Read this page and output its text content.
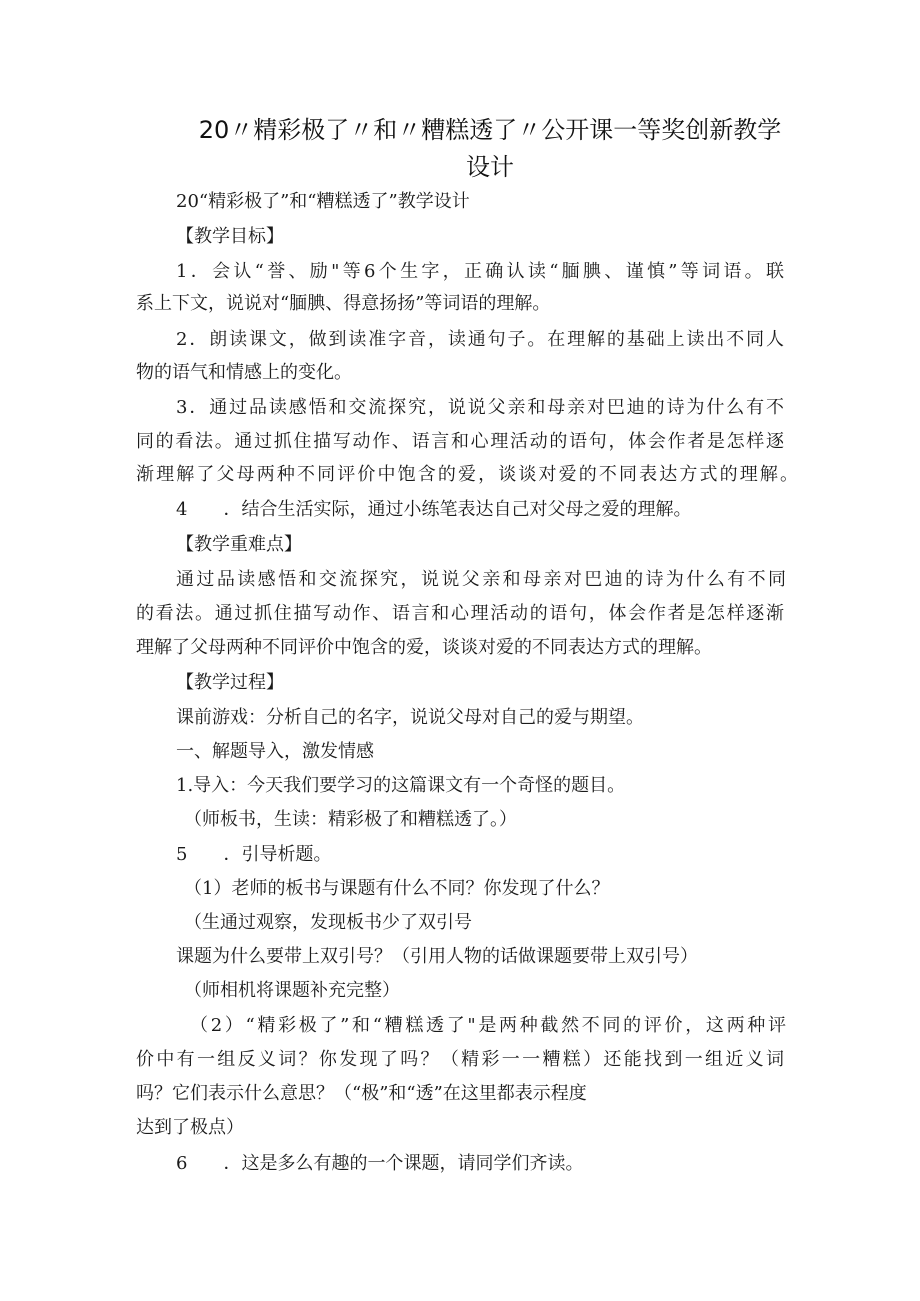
20〃精彩极了〃和〃糟糕透了〃公开课一等奖创新教学
设计
20“精彩极了”和“糟糕透了”教学设计
【教学目标】
1．会认“誉、励"等6个生字，正确认读“腼腆、谨慎”等词语。联
系上下文，说说对“腼腆、得意扬扬”等词语的理解。
2．朗读课文，做到读准字音，读通句子。在理解的基础上读出不同人
物的语气和情感上的变化。
3．通过品读感悟和交流探究，说说父亲和母亲对巴迪的诗为什么有不
同的看法。通过抓住描写动作、语言和心理活动的语句，体会作者是怎样逐
渐理解了父母两种不同评价中饱含的爱，谈谈对爱的不同表达方式的理解。
4　　．结合生活实际，通过小练笔表达自己对父母之爱的理解。
【教学重难点】
通过品读感悟和交流探究，说说父亲和母亲对巴迪的诗为什么有不同
的看法。通过抓住描写动作、语言和心理活动的语句，体会作者是怎样逐渐
理解了父母两种不同评价中饱含的爱，谈谈对爱的不同表达方式的理解。
【教学过程】
课前游戏：分析自己的名字，说说父母对自己的爱与期望。
一、解题导入，激发情感
1.导入：今天我们要学习的这篇课文有一个奇怪的题目。
（师板书，生读：精彩极了和糟糕透了。）
5　　．引导析题。
（1）老师的板书与课题有什么不同？你发现了什么？
（生通过观察，发现板书少了双引号
课题为什么要带上双引号？（引用人物的话做课题要带上双引号）
（师相机将课题补充完整）
（2）“精彩极了”和“糟糕透了"是两种截然不同的评价，这两种评
价中有一组反义词？你发现了吗？（精彩一一糟糕）还能找到一组近义词
吗？它们表示什么意思？（“极”和“透”在这里都表示程度
达到了极点）
6　　．这是多么有趣的一个课题，请同学们齐读。
